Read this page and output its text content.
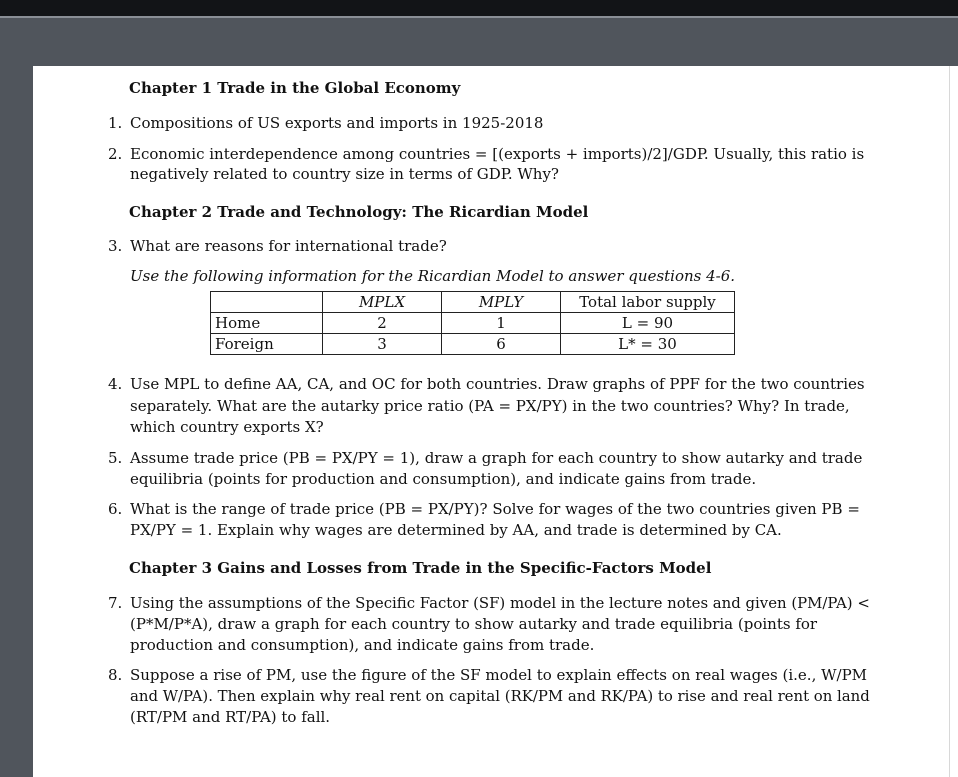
Chapter 1 Trade in the Global Economy
1. Compositions of US exports and imports in 1925-2018
2. Economic interdependence among countries = [(exports + imports)/2]/GDP. Usually, this ratio is
negatively related to country size in terms of GDP. Why?
Chapter 2 Trade and Technology: The Ricardian Model
3. What are reasons for international trade?
Use the following information for the Ricardian Model to answer questions 4-6.
	MPLX	MPLY	Total labor supply
Home	2	1	L = 90
Foreign	3	6	L* = 30
4. Use MPL to define AA, CA, and OC for both countries. Draw graphs of PPF for the two countries
separately. What are the autarky price ratio (PA = PX/PY) in the two countries? Why? In trade,
which country exports X?
5. Assume trade price (PB = PX/PY = 1), draw a graph for each country to show autarky and trade
equilibria (points for production and consumption), and indicate gains from trade.
6. What is the range of trade price (PB = PX/PY)? Solve for wages of the two countries given PB =
PX/PY = 1. Explain why wages are determined by AA, and trade is determined by CA.
Chapter 3 Gains and Losses from Trade in the Specific-Factors Model
7. Using the assumptions of the Specific Factor (SF) model in the lecture notes and given (PM/PA) <
(P*M/P*A), draw a graph for each country to show autarky and trade equilibria (points for
production and consumption), and indicate gains from trade.
8. Suppose a rise of PM, use the figure of the SF model to explain effects on real wages (i.e., W/PM
and W/PA). Then explain why real rent on capital (RK/PM and RK/PA) to rise and real rent on land
(RT/PM and RT/PA) to fall.
